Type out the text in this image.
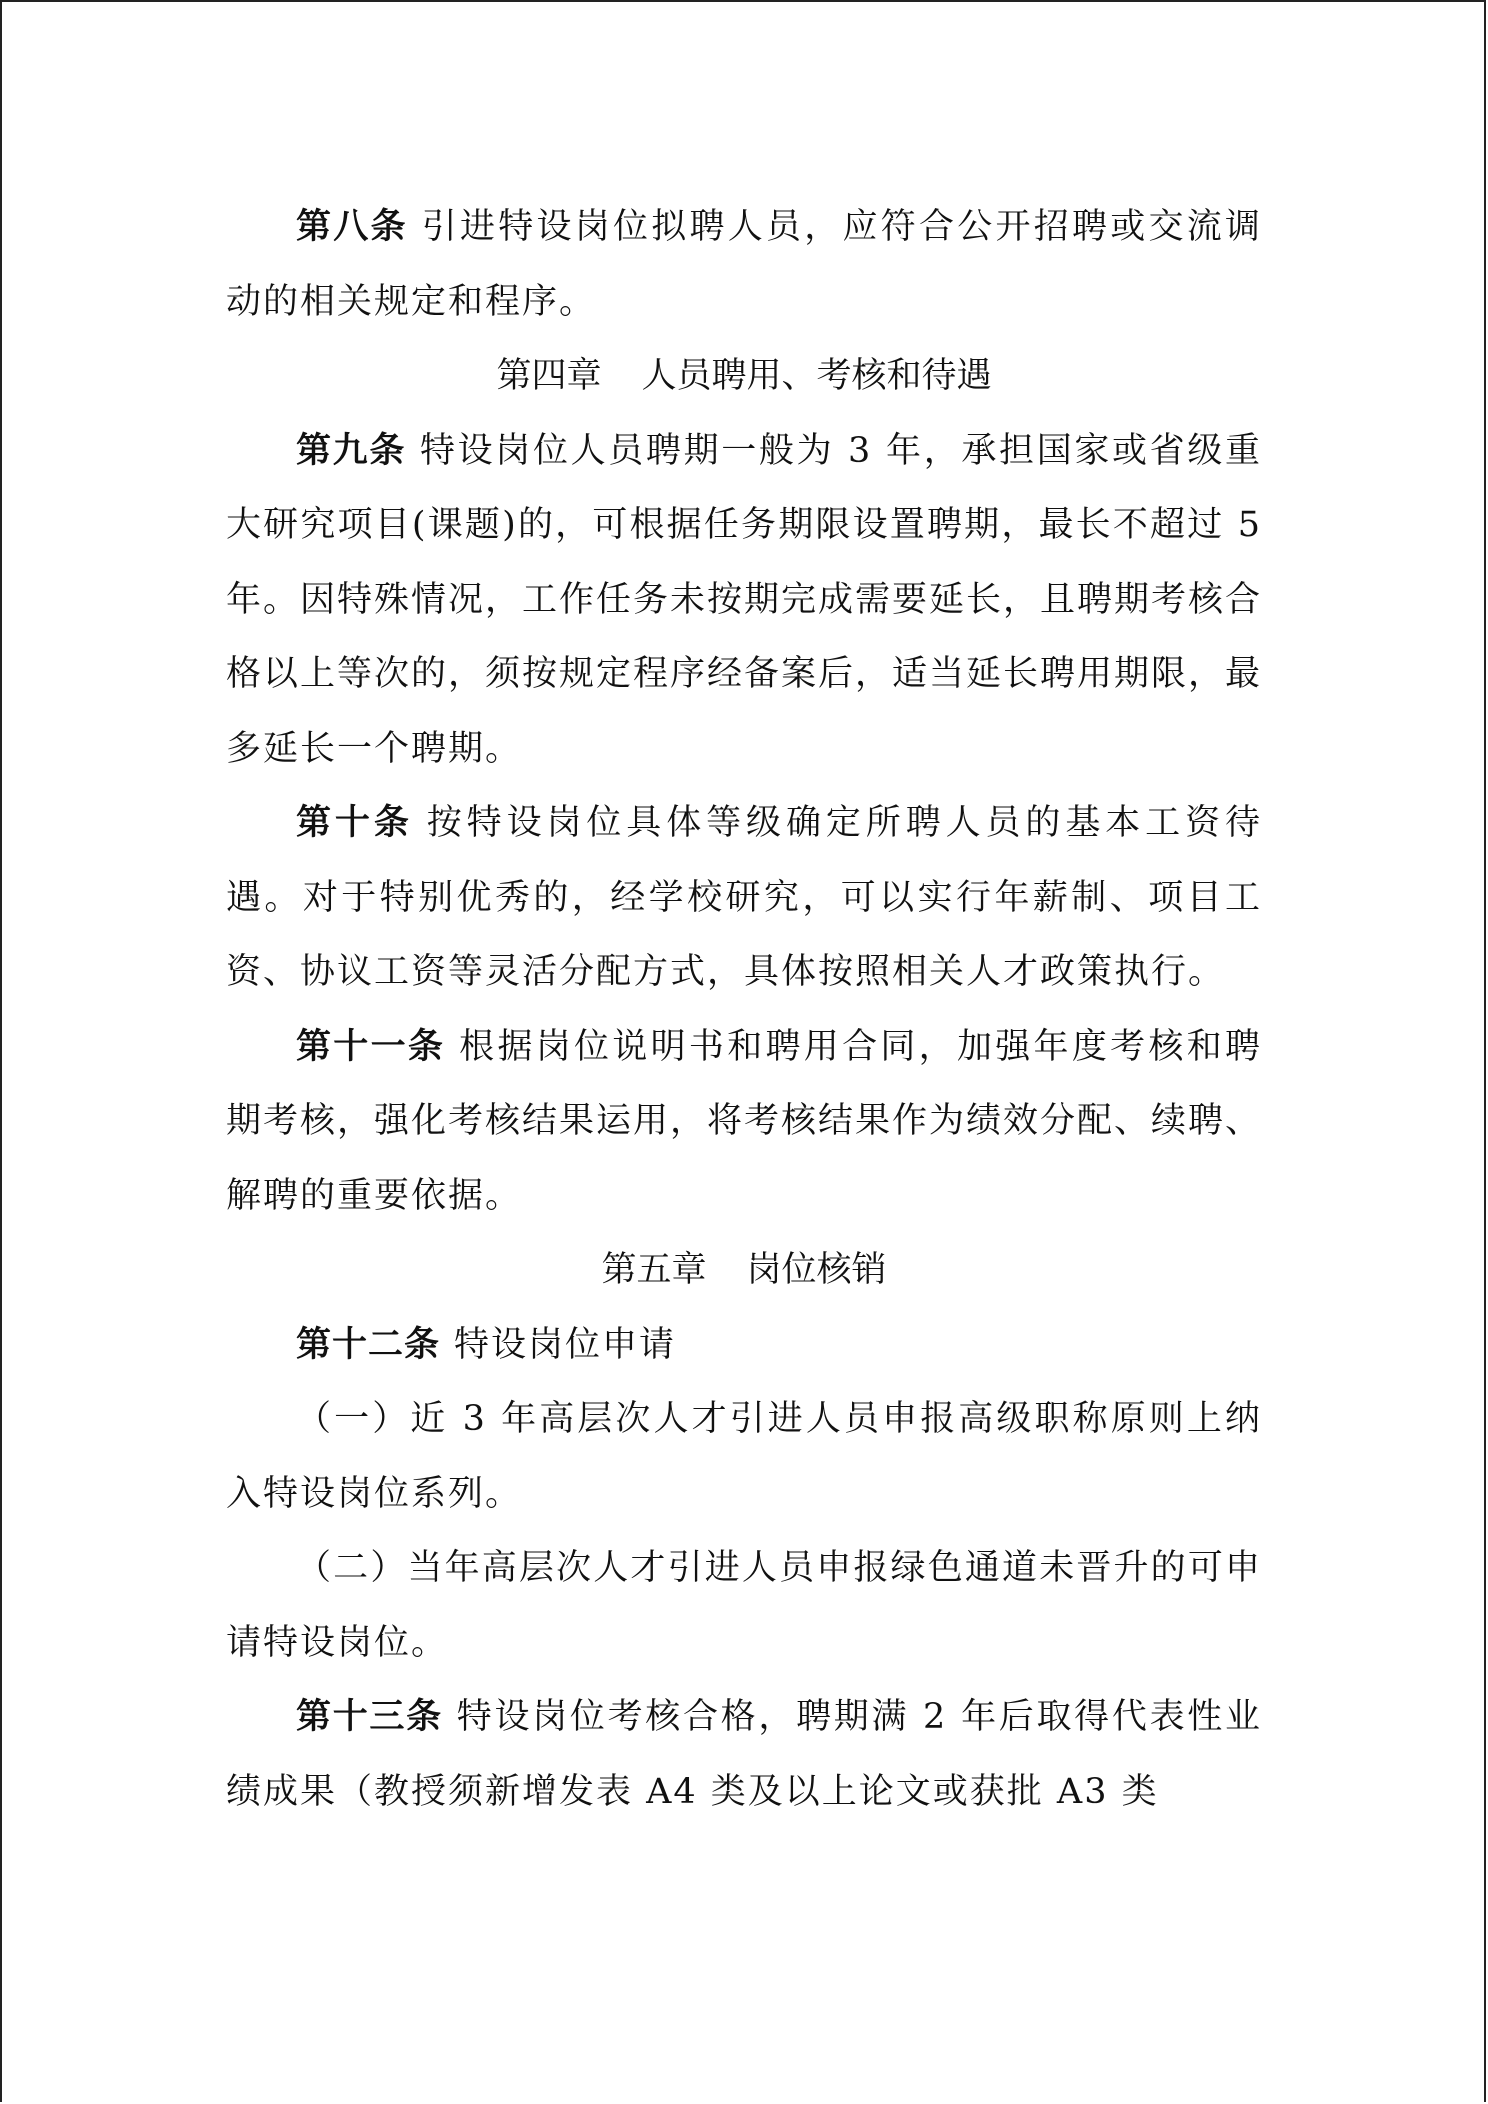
第八条 引进特设岗位拟聘人员，应符合公开招聘或交流调动的相关规定和程序。

第四章 人员聘用、考核和待遇

第九条 特设岗位人员聘期一般为 3 年，承担国家或省级重大研究项目(课题)的，可根据任务期限设置聘期，最长不超过 5 年。因特殊情况，工作任务未按期完成需要延长，且聘期考核合格以上等次的，须按规定程序经备案后，适当延长聘用期限，最多延长一个聘期。

第十条 按特设岗位具体等级确定所聘人员的基本工资待遇。对于特别优秀的，经学校研究，可以实行年薪制、项目工资、协议工资等灵活分配方式，具体按照相关人才政策执行。

第十一条 根据岗位说明书和聘用合同，加强年度考核和聘期考核，强化考核结果运用，将考核结果作为绩效分配、续聘、解聘的重要依据。

第五章 岗位核销

第十二条 特设岗位申请

（一）近 3 年高层次人才引进人员申报高级职称原则上纳入特设岗位系列。

（二）当年高层次人才引进人员申报绿色通道未晋升的可申请特设岗位。

第十三条 特设岗位考核合格，聘期满 2 年后取得代表性业绩成果（教授须新增发表 A4 类及以上论文或获批 A3 类
